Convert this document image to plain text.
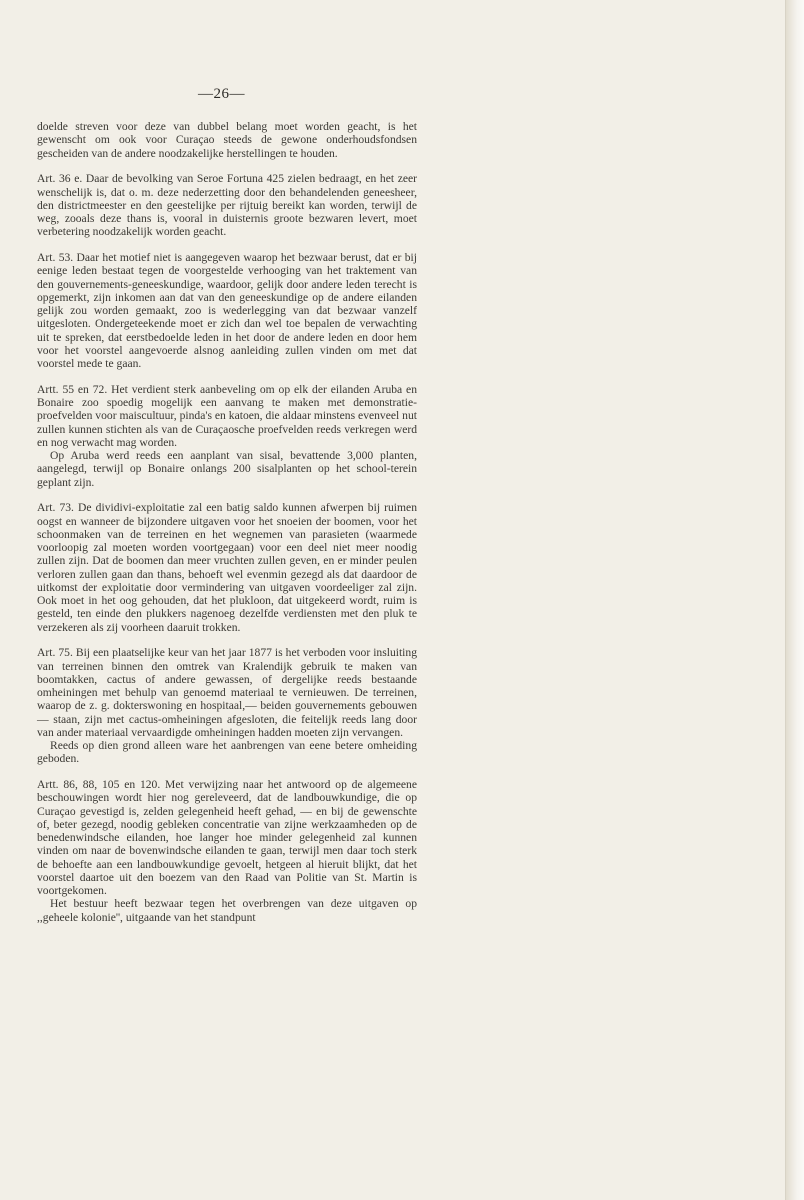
—26—

doelde streven voor deze van dubbel belang moet worden geacht, is het gewenscht om ook voor Curaçao steeds de gewone onderhoudsfondsen gescheiden van de andere noodzakelijke herstellingen te houden.

Art. 36 e. Daar de bevolking van Seroe Fortuna 425 zielen bedraagt, en het zeer wenschelijk is, dat o. m. deze nederzetting door den behandelenden geneesheer, den districtmeester en den geestelijke per rijtuig bereikt kan worden, terwijl de weg, zooals deze thans is, vooral in duisternis groote bezwaren levert, moet verbetering noodzakelijk worden geacht.

Art. 53. Daar het motief niet is aangegeven waarop het bezwaar berust, dat er bij eenige leden bestaat tegen de voorgestelde verhooging van het traktement van den gouvernements-geneeskundige, waardoor, gelijk door andere leden terecht is opgemerkt, zijn inkomen aan dat van den geneeskundige op de andere eilanden gelijk zou worden gemaakt, zoo is wederlegging van dat bezwaar vanzelf uitgesloten. Ondergeteekende moet er zich dan wel toe bepalen de verwachting uit te spreken, dat eerstbedoelde leden in het door de andere leden en door hem voor het voorstel aangevoerde alsnog aanleiding zullen vinden om met dat voorstel mede te gaan.

Artt. 55 en 72. Het verdient sterk aanbeveling om op elk der eilanden Aruba en Bonaire zoo spoedig mogelijk een aanvang te maken met demonstratie-proefvelden voor maiscultuur, pinda's en katoen, die aldaar minstens evenveel nut zullen kunnen stichten als van de Curaçaosche proefvelden reeds verkregen werd en nog verwacht mag worden.

Op Aruba werd reeds een aanplant van sisal, bevattende 3,000 planten, aangelegd, terwijl op Bonaire onlangs 200 sisalplanten op het school-terein geplant zijn.

Art. 73. De dividivi-exploitatie zal een batig saldo kunnen afwerpen bij ruimen oogst en wanneer de bijzondere uitgaven voor het snoeien der boomen, voor het schoonmaken van de terreinen en het wegnemen van parasieten (waarmede voorloopig zal moeten worden voortgegaan) voor een deel niet meer noodig zullen zijn. Dat de boomen dan meer vruchten zullen geven, en er minder peulen verloren zullen gaan dan thans, behoeft wel evenmin gezegd als dat daardoor de uitkomst der exploitatie door vermindering van uitgaven voordeeliger zal zijn. Ook moet in het oog gehouden, dat het plukloon, dat uitgekeerd wordt, ruim is gesteld, ten einde den plukkers nagenoeg dezelfde verdiensten met den pluk te verzekeren als zij voorheen daaruit trokken.

Art. 75. Bij een plaatselijke keur van het jaar 1877 is het verboden voor insluiting van terreinen binnen den omtrek van Kralendijk gebruik te maken van boomtakken, cactus of andere gewassen, of dergelijke reeds bestaande omheiningen met behulp van genoemd materiaal te vernieuwen. De terreinen, waarop de z. g. dokterswoning en hospitaal,— beiden gouvernements gebouwen— staan, zijn met cactus-omheiningen afgesloten, die feitelijk reeds lang door van ander materiaal vervaardigde omheiningen hadden moeten zijn vervangen.

Reeds op dien grond alleen ware het aanbrengen van eene betere omheiding geboden.

Artt. 86, 88, 105 en 120. Met verwijzing naar het antwoord op de algemeene beschouwingen wordt hier nog gereleveerd, dat de landbouwkundige, die op Curaçao gevestigd is, zelden gelegenheid heeft gehad, — en bij de gewenschte of, beter gezegd, noodig gebleken concentratie van zijne werkzaamheden op de benedenwindsche eilanden, hoe langer hoe minder gelegenheid zal kunnen vinden om naar de bovenwindsche eilanden te gaan, terwijl men daar toch sterk de behoefte aan een landbouwkundige gevoelt, hetgeen al hieruit blijkt, dat het voorstel daartoe uit den boezem van den Raad van Politie van St. Martin is voortgekomen.

Het bestuur heeft bezwaar tegen het overbrengen van deze uitgaven op ,,geheele kolonie'', uitgaande van het standpunt
